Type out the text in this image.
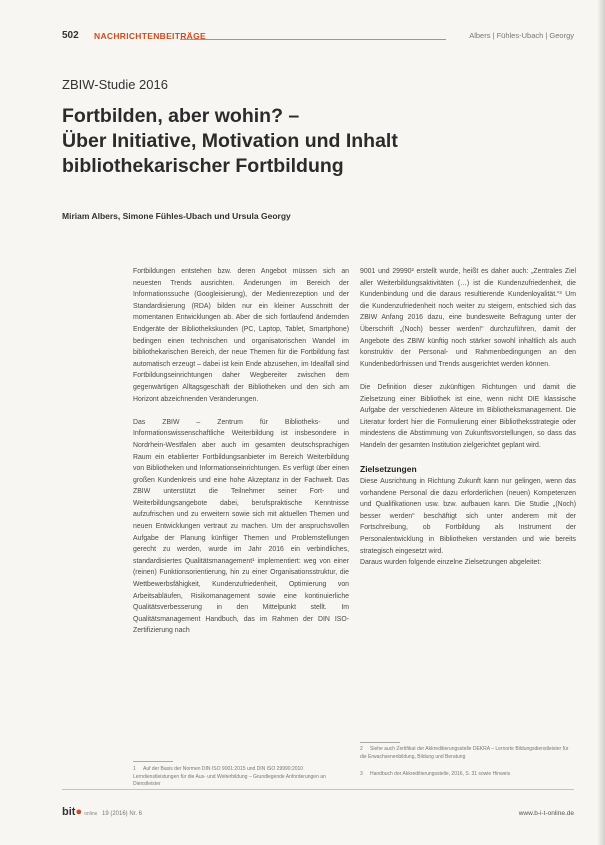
502 NACHRICHTENBEITRÄGE	Albers | Fühles-Ubach | Georgy
ZBIW-Studie 2016
Fortbilden, aber wohin? –
Über Initiative, Motivation und Inhalt
bibliothekarischer Fortbildung
Miriam Albers, Simone Fühles-Ubach und Ursula Georgy

Fortbildungen entstehen bzw. deren Angebot müssen sich an neuesten Trends ausrichten. Änderungen im Bereich der Informationssuche (Googleisierung), der Medienrezeption und der Standardisierung (RDA) bilden nur ein kleiner Ausschnitt der momentanen Entwicklungen ab. Aber die sich fortlaufend ändernden Endgeräte der Bibliothekskunden (PC, Laptop, Tablet, Smartphone) bedingen einen technischen und organisatorischen Wandel im bibliothekarischen Bereich, der neue Themen für die Fortbildung fast automatisch erzeugt – dabei ist kein Ende abzusehen, im Idealfall sind Fortbildungseinrichtungen daher Wegbereiter zwischen dem gegenwärtigen Alltagsgeschäft der Bibliotheken und den sich am Horizont abzeichnenden Veränderungen.

Das ZBIW – Zentrum für Bibliotheks- und Informationswissenschaftliche Weiterbildung ist insbesondere in Nordrhein-Westfalen aber auch im gesamten deutschsprachigen Raum ein etablierter Fortbildungsanbieter im Bereich Weiterbildung von Bibliotheken und Informationseinrichtungen. Es verfügt über einen großen Kundenkreis und eine hohe Akzeptanz in der Fachwelt. Das ZBIW unterstützt die Teilnehmer seiner Fort- und Weiterbildungsangebote dabei, berufspraktische Kenntnisse aufzufrischen und zu erweitern sowie sich mit aktuellen Themen und neuen Entwicklungen vertraut zu machen. Um der anspruchsvollen Aufgabe der Planung künftiger Themen und Problemstellungen gerecht zu werden, wurde im Jahr 2016 ein verbindliches, standardisiertes Qualitätsmanagement¹ implementiert: weg von einer (reinen) Funktionsorientierung, hin zu einer Organisationsstruktur, die Wettbewerbsfähigkeit, Kundenzufriedenheit, Optimierung von Arbeitsabläufen, Risikomanagement sowie eine kontinuierliche Qualitätsverbesserung in den Mittelpunkt stellt. Im Qualitätsmanagement Handbuch, das im Rahmen der DIN ISO-Zertifizierung nach

9001 und 29990² erstellt wurde, heißt es daher auch: „Zentrales Ziel aller Weiterbildungsaktivitäten (…) ist die Kundenzufriedenheit, die Kundenbindung und die daraus resultierende Kundenloyalität.“³ Um die Kundenzufriedenheit noch weiter zu steigern, entschied sich das ZBIW Anfang 2016 dazu, eine bundesweite Befragung unter der Überschrift „(Noch) besser werden!“ durchzuführen, damit der Angebote des ZBIW künftig noch stärker sowohl inhaltlich als auch konstruktiv der Personal- und Rahmenbedingungen an den Kundenbedürfnissen und Trends ausgerichtet werden können.

Die Definition dieser zukünftigen Richtungen und damit die Zielsetzung einer Bibliothek ist eine, wenn nicht DIE klassische Aufgabe der verschiedenen Akteure im Bibliotheksmanagement. Die Literatur fordert hier die Formulierung einer Bibliotheksstrategie oder mindestens die Abstimmung von Zukunftsvorstellungen, so dass das Handeln der gesamten Institution zielgerichtet geplant wird.

Zielsetzungen

Diese Ausrichtung in Richtung Zukunft kann nur gelingen, wenn das vorhandene Personal die dazu erforderlichen (neuen) Kompetenzen und Qualifikationen usw. bzw. aufbauen kann. Die Studie „(Noch) besser werden“ beschäftigt sich unter anderem mit der Fortschreibung, ob Fortbildung als Instrument der Personalentwicklung in Bibliotheken verstanden und wie bereits strategisch eingesetzt wird.

Daraus wurden folgende einzelne Zielsetzungen abgeleitet:

1 Auf der Basis der Normen DIN ISO 9001:2015 und DIN ISO 29990:2010 Lerndienstleistungen für die Aus- und Weiterbildung – Grundlegende Anforderungen an Dienstleister
2 Siehe auch Zertifikat der Akkreditierungsstelle DEKRA – Lernorte Bildungsdienstleister für die Erwachsenenbildung, Bildung und Beratung
3 Handbuch der Akkreditierungsstelle, 2016, S. 31 sowie Hinweis
bit● online 19 (2016) Nr. 6	www.b-i-t-online.de
